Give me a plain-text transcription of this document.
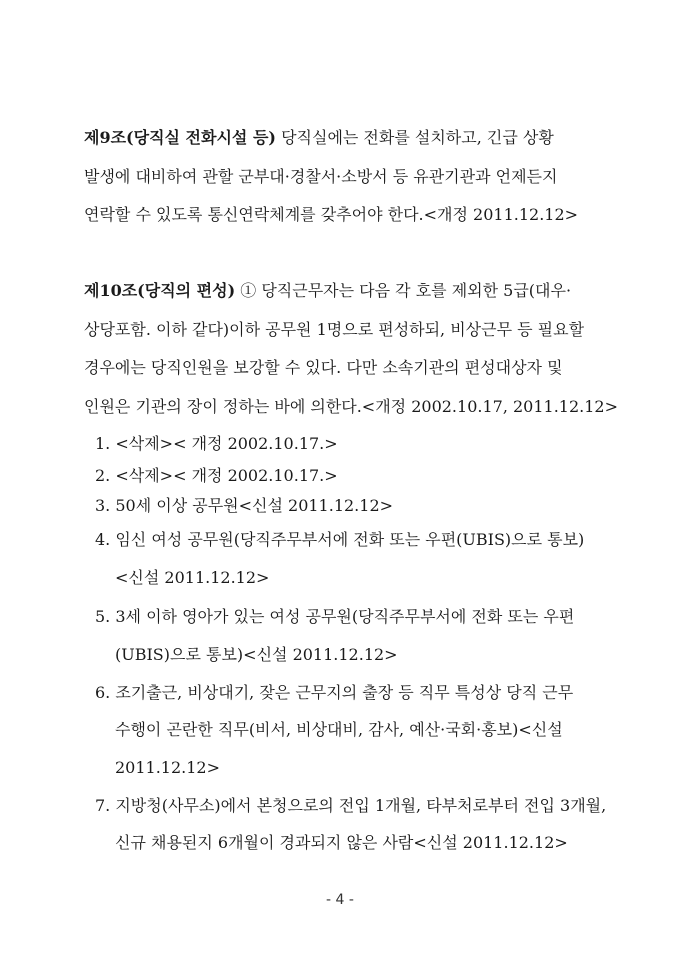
제9조(당직실 전화시설 등) 당직실에는 전화를 설치하고, 긴급 상황
발생에 대비하여 관할 군부대·경찰서·소방서 등 유관기관과 언제든지
연락할 수 있도록 통신연락체계를 갖추어야 한다.<개정 2011.12.12>
제10조(당직의 편성) ① 당직근무자는 다음 각 호를 제외한 5급(대우·
상당포함. 이하 같다)이하 공무원 1명으로 편성하되, 비상근무 등 필요할
경우에는 당직인원을 보강할 수 있다. 다만 소속기관의 편성대상자 및
인원은 기관의 장이 정하는 바에 의한다.<개정 2002.10.17, 2011.12.12>
1. <삭제>< 개정 2002.10.17.>
2. <삭제>< 개정 2002.10.17.>
3. 50세 이상 공무원<신설 2011.12.12>
4. 임신 여성 공무원(당직주무부서에 전화 또는 우편(UBIS)으로 통보)
<신설 2011.12.12>
5. 3세 이하 영아가 있는 여성 공무원(당직주무부서에 전화 또는 우편
(UBIS)으로 통보)<신설 2011.12.12>
6. 조기출근, 비상대기, 잦은 근무지의 출장 등 직무 특성상 당직 근무
수행이 곤란한 직무(비서, 비상대비, 감사, 예산·국회·홍보)<신설
2011.12.12>
7. 지방청(사무소)에서 본청으로의 전입 1개월, 타부처로부터 전입 3개월,
신규 채용된지 6개월이 경과되지 않은 사람<신설 2011.12.12>
- 4 -
